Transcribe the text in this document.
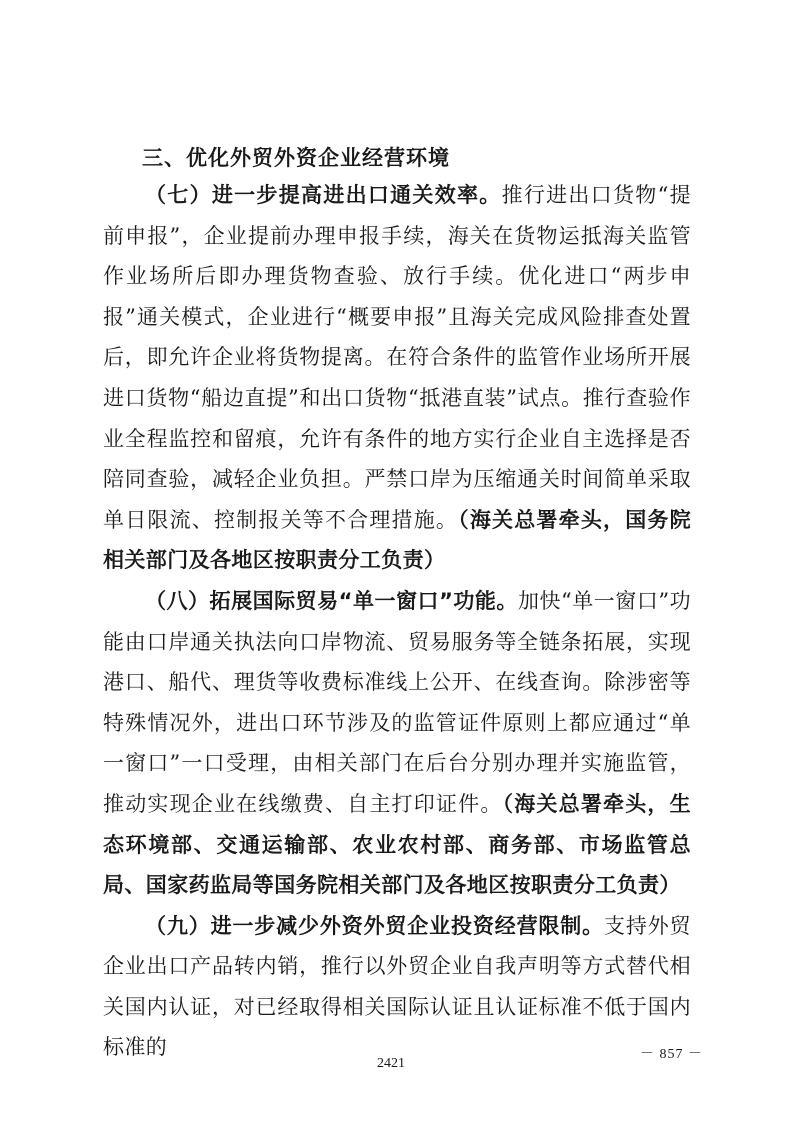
三、优化外贸外资企业经营环境

（七）进一步提高进出口通关效率。推行进出口货物“提前申报”，企业提前办理申报手续，海关在货物运抵海关监管作业场所后即办理货物查验、放行手续。优化进口“两步申报”通关模式，企业进行“概要申报”且海关完成风险排查处置后，即允许企业将货物提离。在符合条件的监管作业场所开展进口货物“船边直提”和出口货物“抵港直装”试点。推行查验作业全程监控和留痕，允许有条件的地方实行企业自主选择是否陪同查验，减轻企业负担。严禁口岸为压缩通关时间简单采取单日限流、控制报关等不合理措施。（海关总署牵头，国务院相关部门及各地区按职责分工负责）

（八）拓展国际贸易“单一窗口”功能。加快“单一窗口”功能由口岸通关执法向口岸物流、贸易服务等全链条拓展，实现港口、船代、理货等收费标准线上公开、在线查询。除涉密等特殊情况外，进出口环节涉及的监管证件原则上都应通过“单一窗口”一口受理，由相关部门在后台分别办理并实施监管，推动实现企业在线缴费、自主打印证件。（海关总署牵头，生态环境部、交通运输部、农业农村部、商务部、市场监管总局、国家药监局等国务院相关部门及各地区按职责分工负责）

（九）进一步减少外资外贸企业投资经营限制。支持外贸企业出口产品转内销，推行以外贸企业自我声明等方式替代相关国内认证，对已经取得相关国际认证且认证标准不低于国内标准的	－ 857 －
2421
